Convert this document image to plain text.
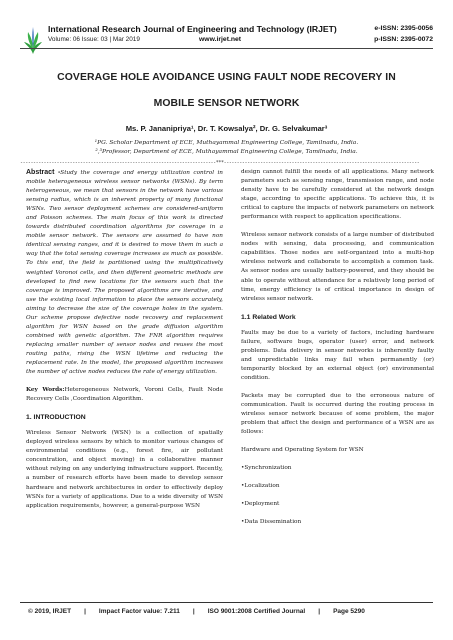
International Research Journal of Engineering and Technology (IRJET)
Volume: 06 Issue: 03 | Mar 2019	www.irjet.net
e-ISSN: 2395-0056
p-ISSN: 2395-0072
COVERAGE HOLE AVOIDANCE USING FAULT NODE RECOVERY IN
MOBILE SENSOR NETWORK
Ms. P. Jananipriya¹, Dr. T. Kowsalya², Dr. G. Selvakumar³
¹PG. Scholar Department of ECE, Muthayammal Engineering College, Tamilnadu, India.
²,³Professor, Department of ECE, Muthayammal Engineering College, Tamilnadu, India.
---------------------------------------------------------------------------***---------------------------------------------------------------------------
Abstract -Study the coverage and energy utilization control in mobile heterogeneous wireless sensor networks (WSNs). By term heterogeneous, we mean that sensors in the network have various sensing radius, which is an inherent property of many functional WSNs. Two sensor deployment schemes are considered-uniform and Poisson schemes. The main focus of this work is directed towards distributed coordination algorithms for coverage in a mobile sensor network. The sensors are assumed to have non identical sensing ranges, and it is desired to move them in such a way that the total sensing coverage increases as much as possible. To this end, the field is partitioned using the multiplicatively weighted Voronoi cells, and then different geometric methods are developed to find new locations for the sensors such that the coverage is improved. The proposed algorithms are iterative, and use the existing local information to place the sensors accurately, aiming to decrease the size of the coverage holes in the system. Our scheme propose defective node recovery and replacement algorithm for WSN based on the grade diffusion algorithm combined with genetic algorithm. The FNR algorithm requires replacing smaller number of sensor nodes and reuses the most routing paths, rising the WSN lifetime and reducing the replacement rate. In the model, the proposed algorithm increases the number of active nodes reduces the rate of energy utilization.
Key Words:Heterogeneous Network, Voroni Cells, Fault Node Recovery Cells ,Coordination Algorithm.
1. INTRODUCTION
Wireless Sensor Network (WSN) is a collection of spatially deployed wireless sensors by which to monitor various changes of environmental conditions (e.g., forest fire, air pollutant concentration, and object moving) in a collaborative manner without relying on any underlying infrastructure support. Recently, a number of research efforts have been made to develop sensor hardware and network architectures in order to effectively deploy WSNs for a variety of applications. Due to a wide diversity of WSN application requirements, however, a general-purpose WSN
design cannot fulfill the needs of all applications. Many network parameters such as sensing range, transmission range, and node density have to be carefully considered at the network design stage, according to specific applications. To achieve this, it is critical to capture the impacts of network parameters on network performance with respect to application specifications.
Wireless sensor network consists of a large number of distributed nodes with sensing, data processing, and communication capabilities. Those nodes are self-organized into a multi-hop wireless network and collaborate to accomplish a common task. As sensor nodes are usually battery-powered, and they should be able to operate without attendance for a relatively long period of time, energy efficiency is of critical importance in design of wireless sensor network.
1.1 Related Work
Faults may be due to a variety of factors, including hardware failure, software bugs, operator (user) error, and network problems. Data delivery in sensor networks is inherently faulty and unpredictable links may fail when permanently (or) temporarily blocked by an external object (or) environmental condition.
Packets may be corrupted due to the erroneous nature of communication. Fault is occurred during the routing process in wireless sensor network because of some problem, the major problem that affect the design and performance of a WSN are as follows:
Hardware and Operating System for WSN
•Synchronization
•Localization
•Deployment
•Data Dissemination
© 2019, IRJET | Impact Factor value: 7.211 | ISO 9001:2008 Certified Journal | Page 5290
